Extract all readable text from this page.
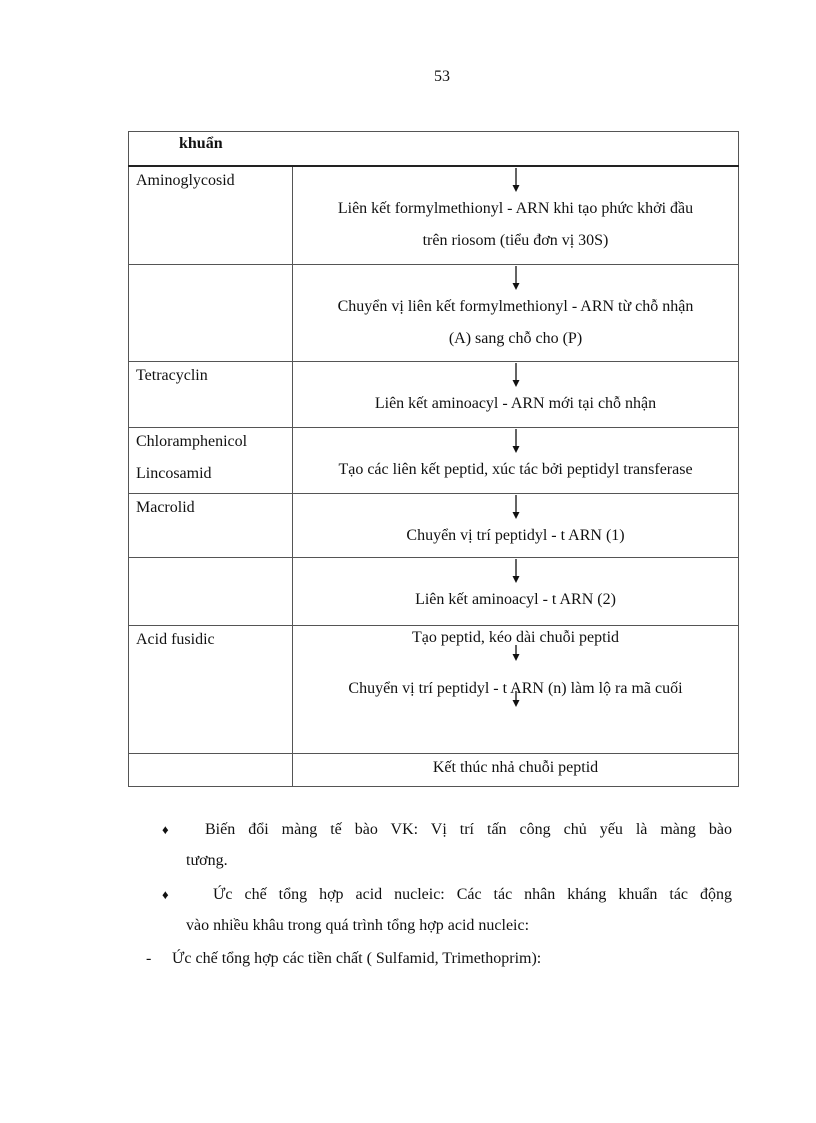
53
khuẩn	

Aminoglycosid	Liên kết formylmethionyl - ARN khi tạo phức khởi đầu
trên riosom (tiểu đơn vị 30S)

	Chuyển vị liên kết formylmethionyl - ARN từ chỗ nhận
(A) sang chỗ cho (P)

Tetracyclin	Liên kết aminoacyl - ARN mới tại chỗ nhận

Chloramphenicol
Lincosamid	Tạo các liên kết peptid, xúc tác bởi peptidyl transferase

Macrolid	Chuyển vị trí peptidyl - t ARN (1)

	Liên kết aminoacyl - t ARN (2)

Acid fusidic	Tạo peptid, kéo dài chuỗi peptid
Chuyển vị trí peptidyl - t ARN (n) làm lộ ra mã cuối

	Kết thúc nhả chuỗi peptid
♦ Biến đổi màng tế bào VK: Vị trí tấn công chủ yếu là màng bào
tương.
♦	Ức chế tổng hợp acid nucleic: Các tác nhân kháng khuẩn tác động
vào nhiều khâu trong quá trình tổng hợp acid nucleic:
- Ức chế tổng hợp các tiền chất ( Sulfamid, Trimethoprim):
